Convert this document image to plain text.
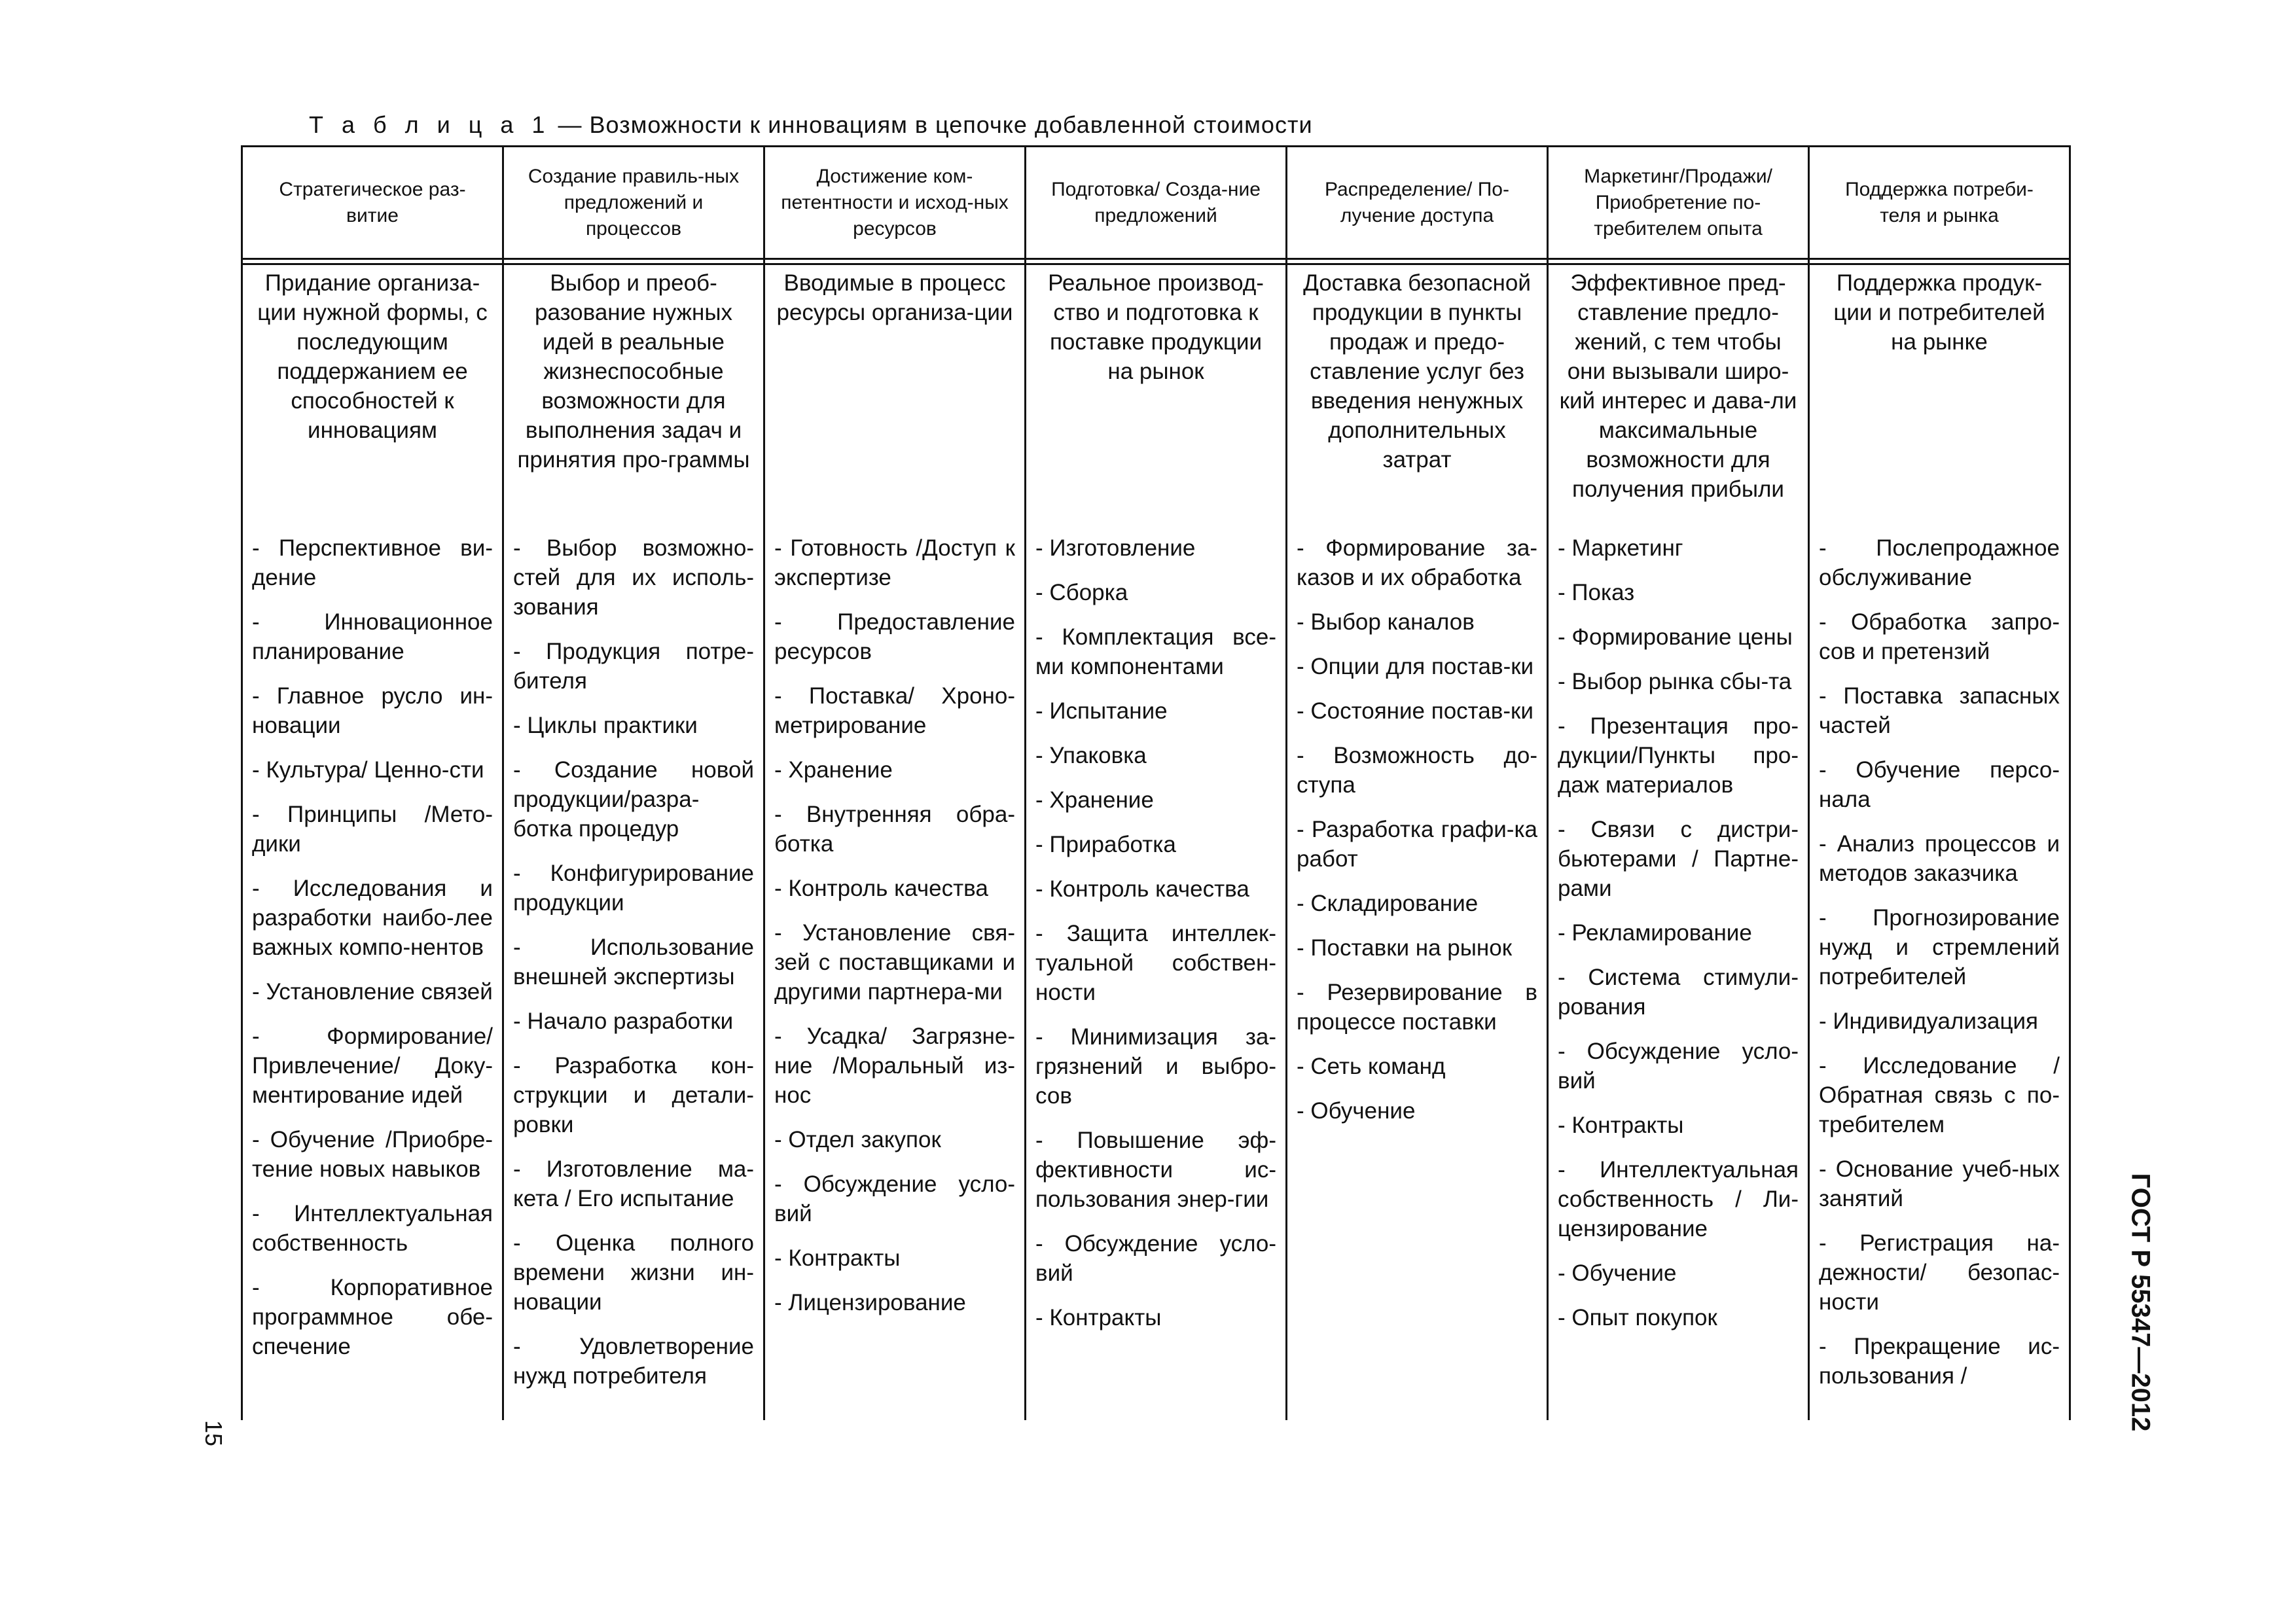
Т а б л и ц а 1 — Возможности к инновациям в цепочке добавленной стоимости
Стратегическое раз-витие
Создание правиль-ных предложений и процессов
Достижение ком-петентности и исход-ных ресурсов
Подготовка/ Созда-ние предложений
Распределение/ По-лучение доступа
Маркетинг/Продажи/ Приобретение по-требителем опыта
Поддержка потреби-теля и рынка
Придание организа-ции нужной формы, с последующим поддержанием ее способностей к инновациям
- Перспективное ви-дение
- Инновационное планирование
- Главное русло ин-новации
- Культура/ Ценно-сти
- Принципы /Мето-дики
- Исследования и разработки наибо-лее важных компо-нентов
- Установление связей
- Формирование/ Привлечение/ Доку-ментирование идей
- Обучение /Приобре-тение новых навыков
- Интеллектуальная собственность
- Корпоративное программное обе-спечение
Выбор и преоб-разование нужных идей в реальные жизнеспособные возможности для выполнения задач и принятия про-граммы
- Выбор возможно-стей для их исполь-зования
- Продукция потре-бителя
- Циклы практики
- Создание новой продукции/разра-ботка процедур
- Конфигурирование продукции
- Использование внешней экспертизы
- Начало разработки
- Разработка кон-струкции и детали-ровки
- Изготовление ма-кета / Его испытание
- Оценка полного времени жизни ин-новации
- Удовлетворение нужд потребителя
Вводимые в процесс ресурсы организа-ции
- Готовность /Доступ к экспертизе
- Предоставление ресурсов
- Поставка/ Хроно-метрирование
- Хранение
- Внутренняя обра-ботка
- Контроль качества
- Установление свя-зей с поставщиками и другими партнера-ми
- Усадка/ Загрязне-ние /Моральный из-нос
- Отдел закупок
- Обсуждение усло-вий
- Контракты
- Лицензирование
Реальное производ-ство и подготовка к поставке продукции на рынок
- Изготовление
- Сборка
- Комплектация все-ми компонентами
- Испытание
- Упаковка
- Хранение
- Приработка
- Контроль качества
- Защита интеллек-туальной собствен-ности
- Минимизация за-грязнений и выбро-сов
- Повышение эф-фективности ис-пользования энер-гии
- Обсуждение усло-вий
- Контракты
Доставка безопасной продукции в пункты продаж и предо-ставление услуг без введения ненужных дополнительных затрат
- Формирование за-казов и их обработка
- Выбор каналов
- Опции для постав-ки
- Состояние постав-ки
- Возможность до-ступа
- Разработка графи-ка работ
- Складирование
- Поставки на рынок
- Резервирование в процессе поставки
- Сеть команд
- Обучение
Эффективное пред-ставление предло-жений, с тем чтобы они вызывали широ-кий интерес и дава-ли максимальные возможности для получения прибыли
- Маркетинг
- Показ
- Формирование цены
- Выбор рынка сбы-та
- Презентация про-дукции/Пункты про-даж материалов
- Связи с дистри-бьютерами / Партне-рами
- Рекламирование
- Система стимули-рования
- Обсуждение усло-вий
- Контракты
- Интеллектуальная собственность / Ли-цензирование
- Обучение
- Опыт покупок
Поддержка продук-ции и потребителей на рынке
- Послепродажное обслуживание
- Обработка запро-сов и претензий
- Поставка запасных частей
- Обучение персо-нала
- Анализ процессов и методов заказчика
- Прогнозирование нужд и стремлений потребителей
- Индивидуализация
- Исследование / Обратная связь с по-требителем
- Основание учеб-ных занятий
- Регистрация на-дежности/ безопас-ности
- Прекращение ис-пользования /	ГОСТ Р 55347—2012
15
